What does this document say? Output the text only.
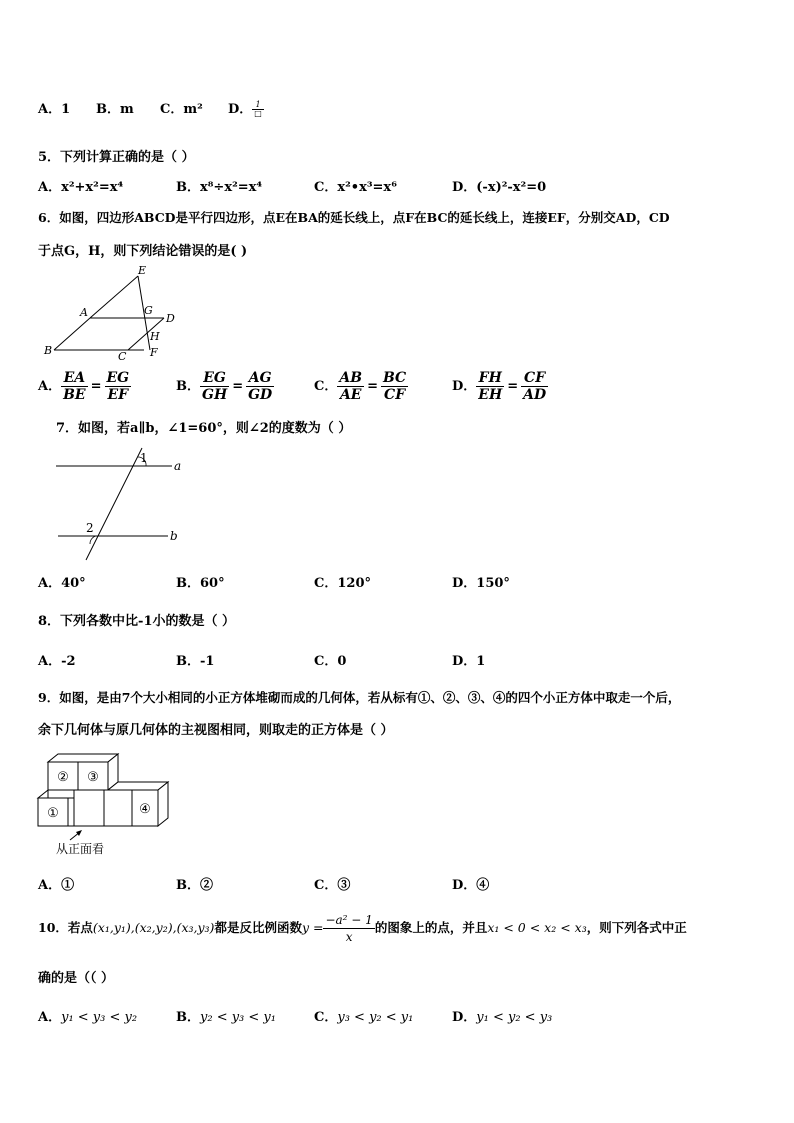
A．1 B．m C．m² D． $\frac{1}{□}$
5．下列计算正确的是（ ）
A．x²+x²=x⁴	B．x⁸÷x²=x⁴	C．x²•x³=x⁶	D．(-x)²-x²=0
6．如图，四边形ABCD是平行四边形，点E在BA的延长线上，点F在BC的延长线上，连接EF，分别交AD，CD
于点G，H，则下列结论错误的是( )
E
A	G
D
H
B	C F
A． $\frac{EA}{BE} = \frac{EG}{EF}$	B． $\frac{EG}{GH} = \frac{AG}{GD}$	C． $\frac{AB}{AE} = \frac{BC}{CF}$	D． $\frac{FH}{EH} = \frac{CF}{AD}$
7．如图，若a∥b，∠1=60°，则∠2的度数为（ ）
1
a
2
b
A．40°	B．60°	C．120°	D．150°
8．下列各数中比-1小的数是（ ）
A．-2	B．-1	C．0	D．1
9．如图，是由7个大小相同的小正方体堆砌而成的几何体，若从标有①、②、③、④的四个小正方体中取走一个后，
余下几何体与原几何体的主视图相同，则取走的正方体是（ ）
② ③
①	④
从正面看
A．①	B．②	C．③	D．④
10．若点(x₁,y₁),(x₂,y₂),(x₃,y₃)都是反比例函数$y = \frac{\text{−a² − 1}}{x}$ 的图象上的点，并且x₁ < 0 < x₂ < x₃，则下列各式中正
确的是（（ ）
A．y₁ < y₃ < y₂	B．y₂ < y₃ < y₁	C．y₃ < y₂ < y₁	D．y₁ < y₂ < y₃
